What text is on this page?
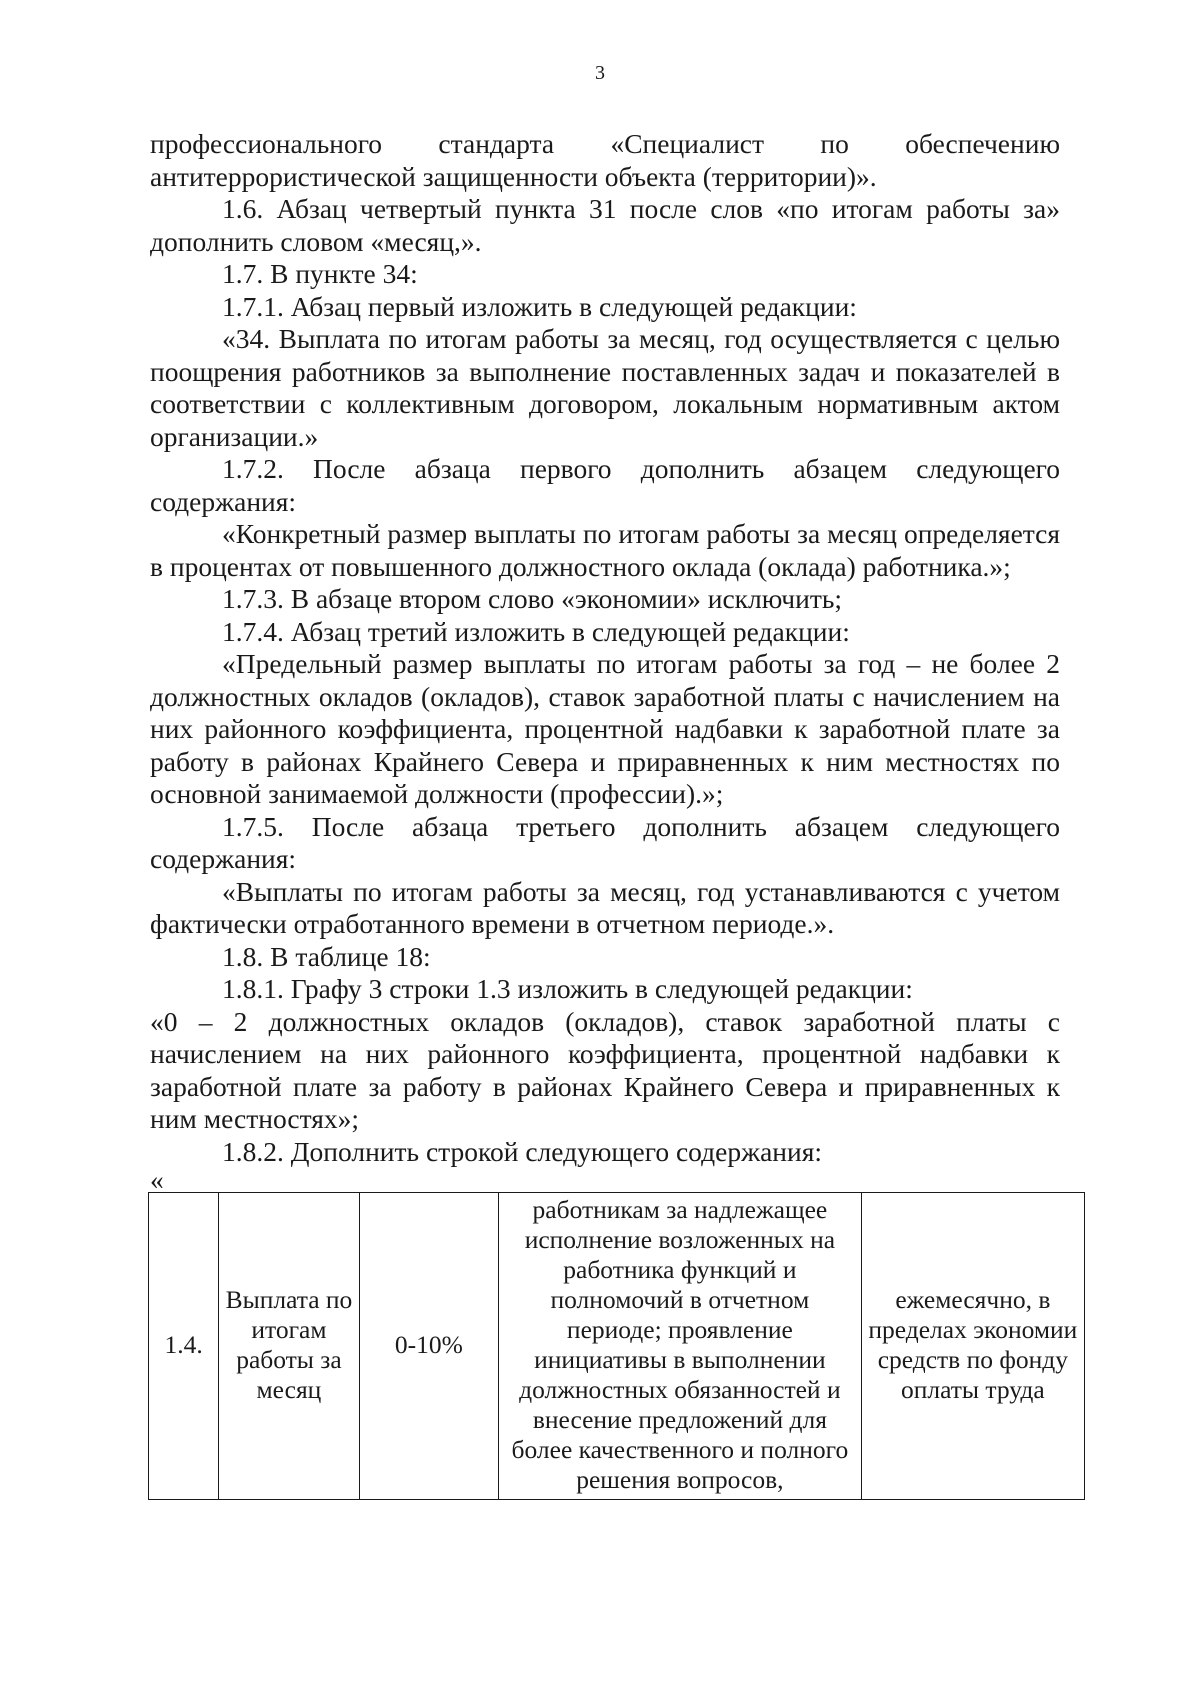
3

профессионального стандарта «Специалист по обеспечению антитеррористической защищенности объекта (территории)».

1.6. Абзац четвертый пункта 31 после слов «по итогам работы за» дополнить словом «месяц,».

1.7. В пункте 34:

1.7.1. Абзац первый изложить в следующей редакции:

«34. Выплата по итогам работы за месяц, год осуществляется с целью поощрения работников за выполнение поставленных задач и показателей в соответствии с коллективным договором, локальным нормативным актом организации.»

1.7.2. После абзаца первого дополнить абзацем следующего содержания:

«Конкретный размер выплаты по итогам работы за месяц определяется в процентах от повышенного должностного оклада (оклада) работника.»;

1.7.3. В абзаце втором слово «экономии» исключить;

1.7.4. Абзац третий изложить в следующей редакции:

«Предельный размер выплаты по итогам работы за год – не более 2 должностных окладов (окладов), ставок заработной платы с начислением на них районного коэффициента, процентной надбавки к заработной плате за работу в районах Крайнего Севера и приравненных к ним местностях по основной занимаемой должности (профессии).»;

1.7.5. После абзаца третьего дополнить абзацем следующего содержания:

«Выплаты по итогам работы за месяц, год устанавливаются с учетом фактически отработанного времени в отчетном периоде.».

1.8. В таблице 18:

1.8.1. Графу 3 строки 1.3 изложить в следующей редакции:

«0 – 2 должностных окладов (окладов), ставок заработной платы с начислением на них районного коэффициента, процентной надбавки к заработной плате за работу в районах Крайнего Севера и приравненных к ним местностях»;

1.8.2. Дополнить строкой следующего содержания:

«

1.4.	Выплата по итогам работы за месяц	0-10%	работникам за надлежащее исполнение возложенных на работника функций и полномочий в отчетном периоде; проявление инициативы в выполнении должностных обязанностей и внесение предложений для более качественного и полного решения вопросов,	ежемесячно, в пределах экономии средств по фонду оплаты труда
